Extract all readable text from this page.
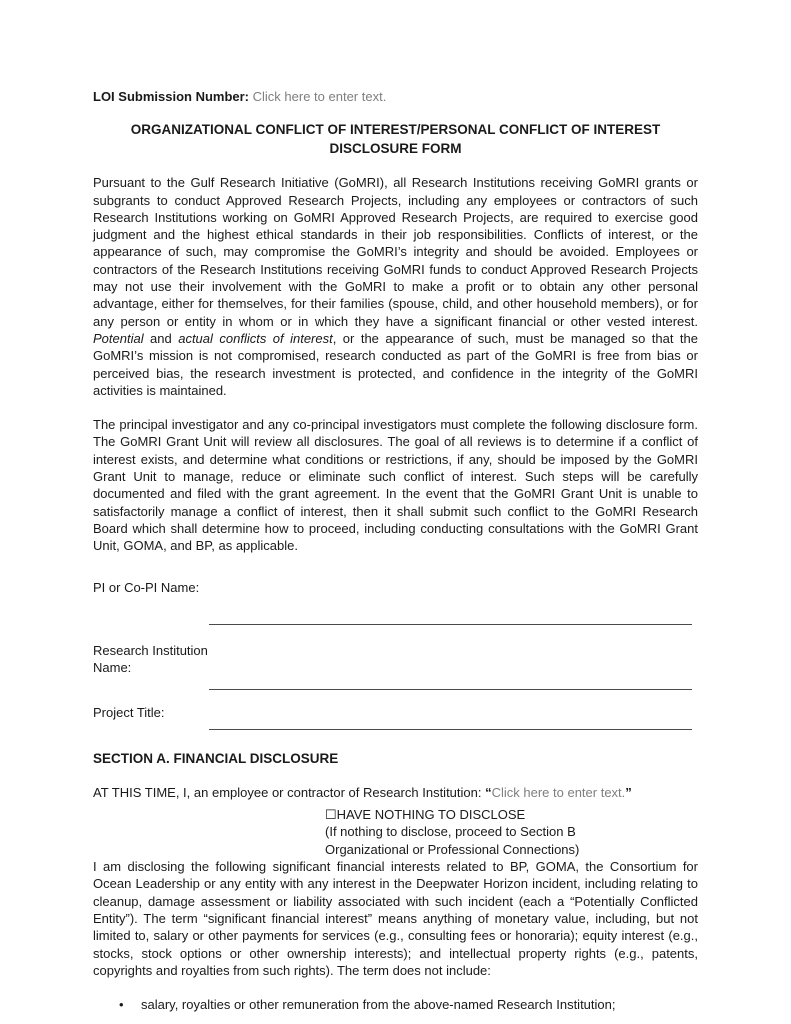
LOI Submission Number: Click here to enter text.
ORGANIZATIONAL CONFLICT OF INTEREST/PERSONAL CONFLICT OF INTEREST
DISCLOSURE FORM

Pursuant to the Gulf Research Initiative (GoMRI), all Research Institutions receiving GoMRI grants or subgrants to conduct Approved Research Projects, including any employees or contractors of such Research Institutions working on GoMRI Approved Research Projects, are required to exercise good judgment and the highest ethical standards in their job responsibilities. Conflicts of interest, or the appearance of such, may compromise the GoMRI’s integrity and should be avoided. Employees or contractors of the Research Institutions receiving GoMRI funds to conduct Approved Research Projects may not use their involvement with the GoMRI to make a profit or to obtain any other personal advantage, either for themselves, for their families (spouse, child, and other household members), or for any person or entity in whom or in which they have a significant financial or other vested interest. Potential and actual conflicts of interest, or the appearance of such, must be managed so that the GoMRI’s mission is not compromised, research conducted as part of the GoMRI is free from bias or perceived bias, the research investment is protected, and confidence in the integrity of the GoMRI activities is maintained.

The principal investigator and any co-principal investigators must complete the following disclosure form. The GoMRI Grant Unit will review all disclosures. The goal of all reviews is to determine if a conflict of interest exists, and determine what conditions or restrictions, if any, should be imposed by the GoMRI Grant Unit to manage, reduce or eliminate such conflict of interest. Such steps will be carefully documented and filed with the grant agreement. In the event that the GoMRI Grant Unit is unable to satisfactorily manage a conflict of interest, then it shall submit such conflict to the GoMRI Research Board which shall determine how to proceed, including conducting consultations with the GoMRI Grant Unit, GOMA, and BP, as applicable.

PI or Co-PI Name:
Research Institution Name:
Project Title:
SECTION A. FINANCIAL DISCLOSURE
AT THIS TIME, I, an employee or contractor of Research Institution: “Click here to enter text.”
☐HAVE NOTHING TO DISCLOSE
(If nothing to disclose, proceed to Section B
Organizational or Professional Connections)

I am disclosing the following significant financial interests related to BP, GOMA, the Consortium for Ocean Leadership or any entity with any interest in the Deepwater Horizon incident, including relating to cleanup, damage assessment or liability associated with such incident (each a “Potentially Conflicted Entity”). The term “significant financial interest” means anything of monetary value, including, but not limited to, salary or other payments for services (e.g., consulting fees or honoraria); equity interest (e.g., stocks, stock options or other ownership interests); and intellectual property rights (e.g., patents, copyrights and royalties from such rights). The term does not include:

•	salary, royalties or other remuneration from the above-named Research Institution;
